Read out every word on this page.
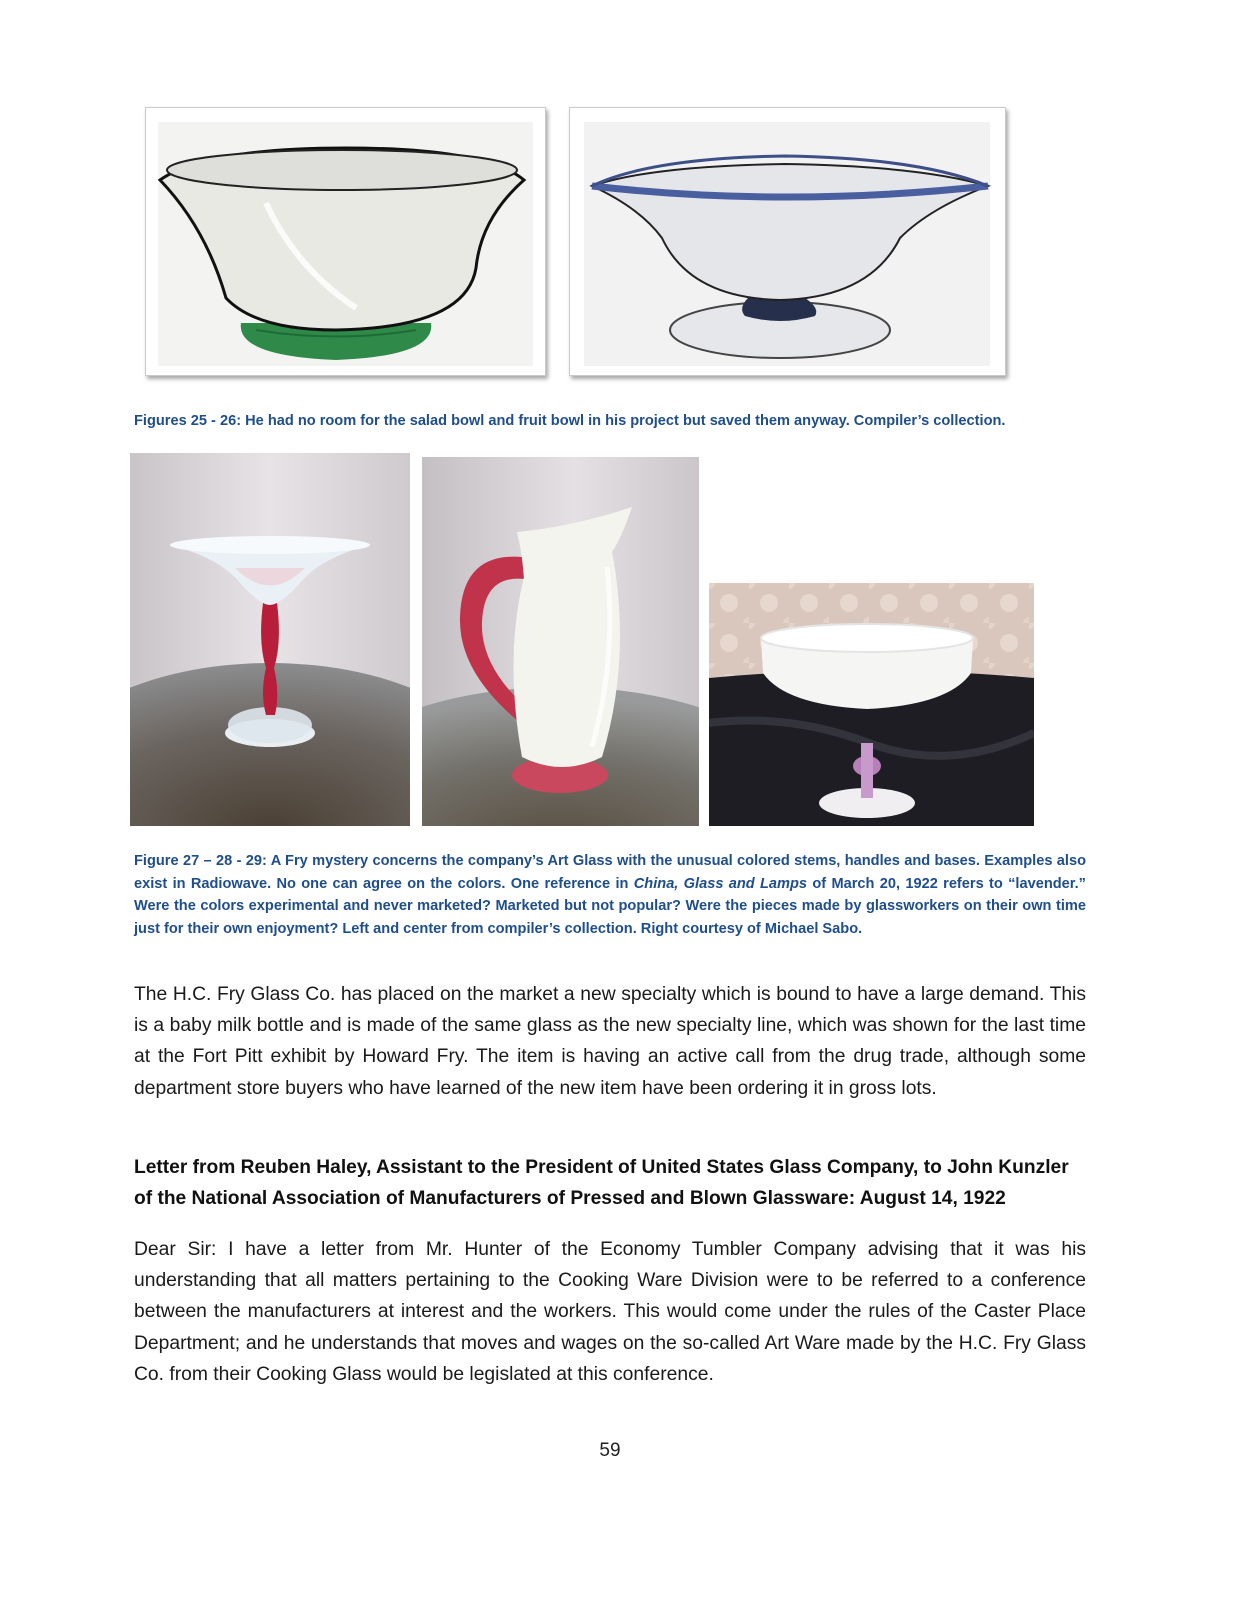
Figures 25 - 26: He had no room for the salad bowl and fruit bowl in his project but saved them anyway. Compiler’s collection.
Figure 27 – 28 - 29: A Fry mystery concerns the company’s Art Glass with the unusual colored stems, handles and bases. Examples also exist in Radiowave. No one can agree on the colors. One reference in China, Glass and Lamps of March 20, 1922 refers to “lavender.” Were the colors experimental and never marketed? Marketed but not popular? Were the pieces made by glassworkers on their own time just for their own enjoyment? Left and center from compiler’s collection. Right courtesy of Michael Sabo.
The H.C. Fry Glass Co. has placed on the market a new specialty which is bound to have a large demand. This is a baby milk bottle and is made of the same glass as the new specialty line, which was shown for the last time at the Fort Pitt exhibit by Howard Fry. The item is having an active call from the drug trade, although some department store buyers who have learned of the new item have been ordering it in gross lots.
Letter from Reuben Haley, Assistant to the President of United States Glass Company, to John Kunzler of the National Association of Manufacturers of Pressed and Blown Glassware: August 14, 1922
Dear Sir: I have a letter from Mr. Hunter of the Economy Tumbler Company advising that it was his understanding that all matters pertaining to the Cooking Ware Division were to be referred to a conference between the manufacturers at interest and the workers. This would come under the rules of the Caster Place Department; and he understands that moves and wages on the so-called Art Ware made by the H.C. Fry Glass Co. from their Cooking Glass would be legislated at this conference.
59
